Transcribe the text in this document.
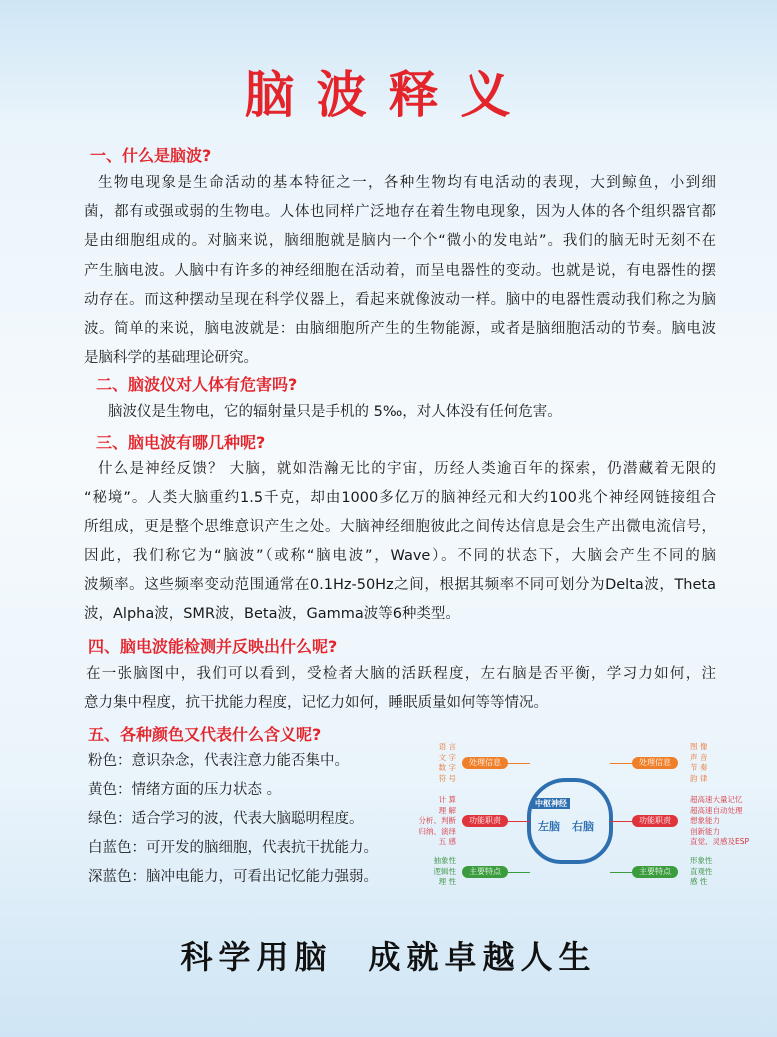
脑波释义
一、什么是脑波?
生物电现象是生命活动的基本特征之一，各种生物均有电活动的表现，大到鲸鱼，小到细
菌，都有或强或弱的生物电。人体也同样广泛地存在着生物电现象，因为人体的各个组织器官都
是由细胞组成的。对脑来说，脑细胞就是脑内一个个“微小的发电站”。我们的脑无时无刻不在
产生脑电波。人脑中有许多的神经细胞在活动着，而呈电器性的变动。也就是说，有电器性的摆
动存在。而这种摆动呈现在科学仪器上，看起来就像波动一样。脑中的电器性震动我们称之为脑
波。简单的来说，脑电波就是：由脑细胞所产生的生物能源，或者是脑细胞活动的节奏。脑电波
是脑科学的基础理论研究。
二、脑波仪对人体有危害吗?
脑波仪是生物电，它的辐射量只是手机的 5‰，对人体没有任何危害。
三、脑电波有哪几种呢?
什么是神经反馈？ 大脑，就如浩瀚无比的宇宙，历经人类逾百年的探索，仍潜藏着无限的
“秘境”。人类大脑重约1.5千克，却由1000多亿万的脑神经元和大约100兆个神经网链接组合
所组成，更是整个思维意识产生之处。大脑神经细胞彼此之间传达信息是会生产出微电流信号，
因此，我们称它为“脑波”（或称“脑电波”，Wave）。不同的状态下，大脑会产生不同的脑
波频率。这些频率变动范围通常在0.1Hz-50Hz之间，根据其频率不同可划分为Delta波，Theta
波，Alpha波，SMR波，Beta波，Gamma波等6种类型。
四、脑电波能检测并反映出什么呢?
在一张脑图中，我们可以看到，受检者大脑的活跃程度，左右脑是否平衡，学习力如何，注
意力集中程度，抗干扰能力程度，记忆力如何，睡眠质量如何等等情况。
五、各种颜色又代表什么含义呢?
粉色：意识杂念，代表注意力能否集中。
黄色：情绪方面的压力状态 。
绿色：适合学习的波，代表大脑聪明程度。
白蓝色：可开发的脑细胞，代表抗干扰能力。
深蓝色：脑冲电能力，可看出记忆能力强弱。
中枢神经
左脑 右脑
处理信息
语 言
文 字
数 字
符 号
功能职责
计 算
理 解
分析、判断
归纳、演绎
五 感
主要特点
抽象性
逻辑性
理 性
处理信息
图 像
声 音
节 奏
韵 律
功能职责
超高速大量记忆
超高速自动处理
想象能力
创新能力
直觉、灵感及ESP
主要特点
形象性
直观性
感 性
科学用脑 成就卓越人生
